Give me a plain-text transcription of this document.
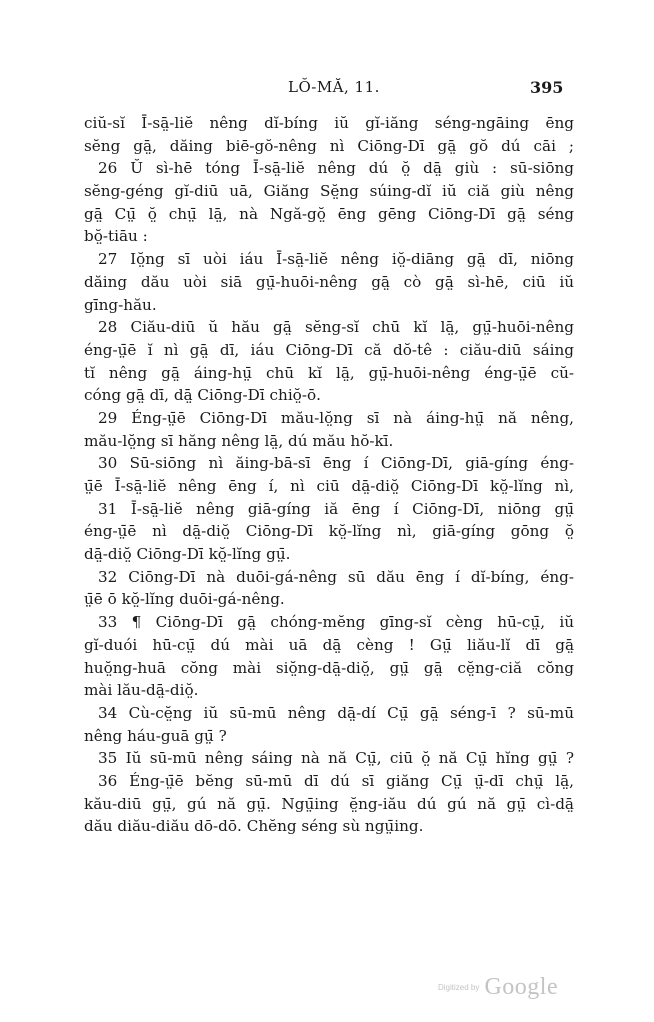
LŎ-MĂ, 11.	395
ciŭ-sĭ Ī-sā̤-liĕ nêng dĭ-bíng iŭ gĭ-iăng séng-ngāing ēng
sĕng gā̤, dăing biē-gŏ-nêng nì Ciōng-Dī gā̤ gŏ dú cāi ;
26 Ŭ sì-hē tóng Ī-sā̤-liĕ nêng dú ŏ̤ dā̤ giù : sū-siōng
sĕng-géng gĭ-diū uā, Giăng Sĕ̤ng súing-dĭ iŭ ciă giù nêng
gā̤ Cṳ̄ ŏ̤ chṳ̄ lā̤, nà Ngă-gŏ̤ ēng gēng Ciōng-Dī gā̤ séng
bŏ̤-tiāu :
27 Iŏ̤ng sī uòi iáu Ī-sā̤-liĕ nêng iŏ̤-diāng gā̤ dī, niōng
dăing dău uòi siā gṳ̄-huōi-nêng gā̤ cò gā̤ sì-hē, ciū iŭ
gīng-hău.
28 Ciău-diū ŭ hău gā̤ sĕng-sĭ chū kĭ lā̤, gṳ̄-huōi-nêng
éng-ṳ̄ē ĭ nì gā̤ dī, iáu Ciōng-Dī că dŏ-tê : ciău-diū sáing
tĭ nêng gā̤ áing-hṳ̄ chū kĭ lā̤, gṳ̄-huōi-nêng éng-ṳ̄ē cŭ-
cóng gā̤ dī, dā̤ Ciōng-Dī chiŏ̤-ō.
29 Éng-ṳ̄ē Ciōng-Dī mău-lŏ̤ng sī nà áing-hṳ̄ nă nêng,
mău-lŏ̤ng sī hăng nêng lā̤, dú mău hŏ-kī.
30 Sū-siōng nì ăing-bā-sī ēng í Ciōng-Dī, giā-gíng éng-
ṳ̄ē Ī-sā̤-liĕ nêng ēng í, nì ciū dā̤-diŏ̤ Ciōng-Dī kŏ̤-lĭng nì,
31 Ī-sā̤-liĕ nêng giā-gíng iă ēng í Ciōng-Dī, niōng gṳ̄
éng-ṳ̄ē nì dā̤-diŏ̤ Ciōng-Dī kŏ̤-lĭng nì, giā-gíng gōng ŏ̤
dā̤-diŏ̤ Ciōng-Dī kŏ̤-lĭng gṳ̄.
32 Ciōng-Dī nà duōi-gá-nêng sū dău ēng í dĭ-bíng, éng-
ṳ̄ē ō kŏ̤-lĭng duōi-gá-nêng.
33 ¶ Ciōng-Dī gā̤ chóng-mĕng gīng-sĭ cèng hū-cṳ̄, iŭ
gĭ-duói hū-cṳ̄ dú mài uā dā̤ cèng ! Gṳ̄ liău-lĭ dī gā̤
huŏ̤ng-huā cŏng mài siŏ̤ng-dā̤-diŏ̤, gṳ̄ gā̤ cĕ̤ng-ciă cŏng
mài lău-dā̤-diŏ̤.
34 Cù-cĕ̤ng iŭ sū-mū nêng dā̤-dí Cṳ̄ gā̤ séng-ī ? sū-mū
nêng háu-guā gṳ̄ ?
35 Iŭ sū-mū nêng sáing nà nă Cṳ̄, ciū ŏ̤ nă Cṳ̄ hĭng gṳ̄ ?
36 Éng-ṳ̄ē bĕng sū-mū dī dú sī giăng Cṳ̄ ṳ̄-dī chṳ̄ lā̤,
kău-diū gṳ̄, gú nă gṳ̄. Ngṳ̄ing ĕ̤ng-iău dú gú nă gṳ̄ cì-dā̤
dău diău-diău dō-dō. Chĕng séng sù ngṳ̄ing.
Digitized by Google
